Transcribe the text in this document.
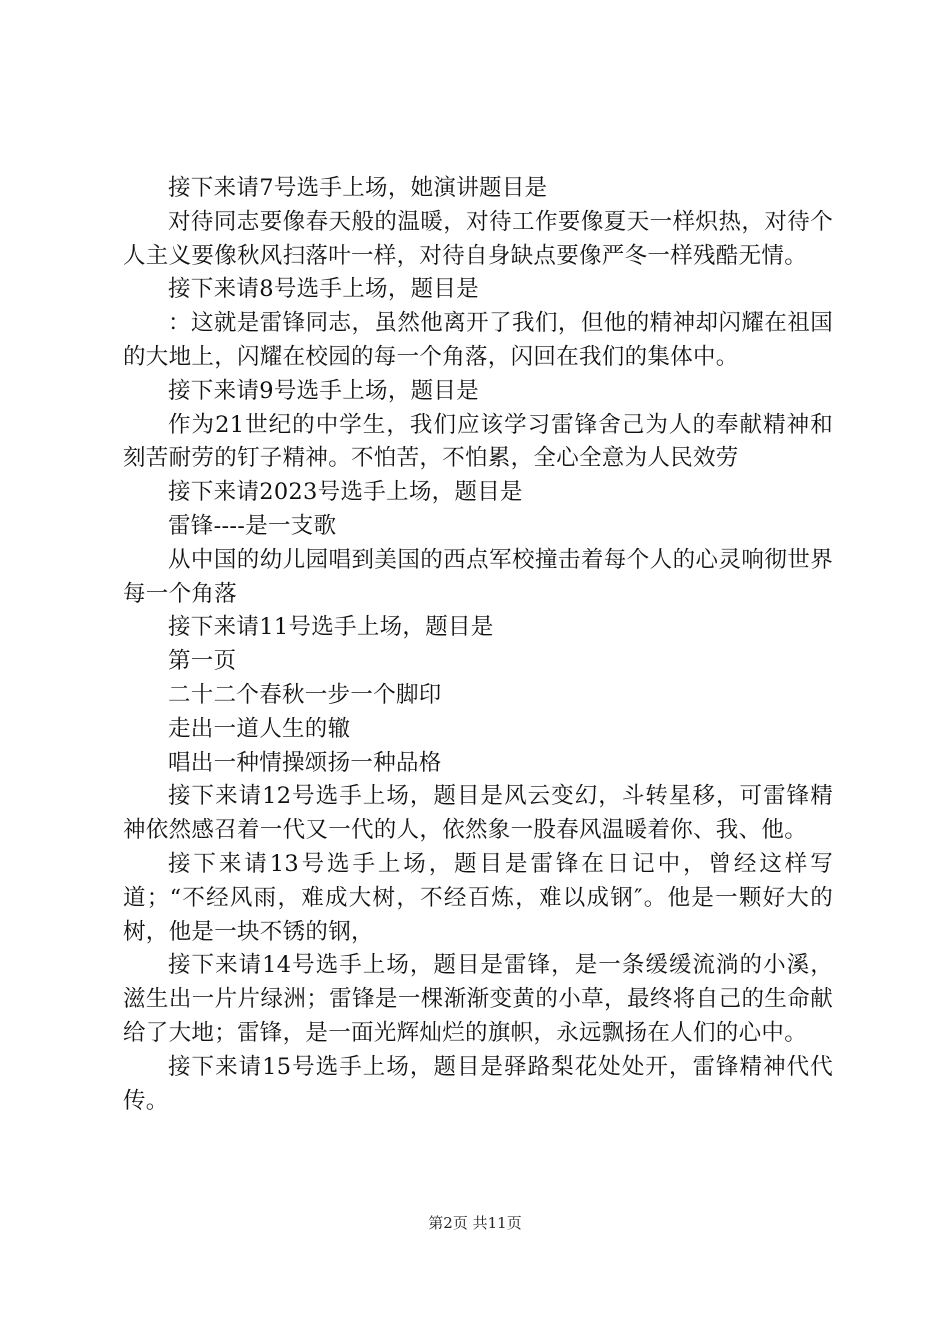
接下来请7号选手上场，她演讲题目是

对待同志要像春天般的温暖，对待工作要像夏天一样炽热，对待个人主义要像秋风扫落叶一样，对待自身缺点要像严冬一样残酷无情。

接下来请8号选手上场，题目是

：这就是雷锋同志，虽然他离开了我们，但他的精神却闪耀在祖国的大地上，闪耀在校园的每一个角落，闪回在我们的集体中。

接下来请9号选手上场，题目是

作为21世纪的中学生，我们应该学习雷锋舍己为人的奉献精神和刻苦耐劳的钉子精神。不怕苦，不怕累，全心全意为人民效劳

接下来请2023号选手上场，题目是

雷锋----是一支歌

从中国的幼儿园唱到美国的西点军校撞击着每个人的心灵响彻世界每一个角落

接下来请11号选手上场，题目是

第一页

二十二个春秋一步一个脚印

走出一道人生的辙

唱出一种情操颂扬一种品格

接下来请12号选手上场，题目是风云变幻，斗转星移，可雷锋精神依然感召着一代又一代的人，依然象一股春风温暖着你、我、他。

接下来请13号选手上场，题目是雷锋在日记中，曾经这样写道；“不经风雨，难成大树，不经百炼，难以成钢″。他是一颗好大的树，他是一块不锈的钢，

接下来请14号选手上场，题目是雷锋，是一条缓缓流淌的小溪，滋生出一片片绿洲；雷锋是一棵渐渐变黄的小草，最终将自己的生命献给了大地；雷锋，是一面光辉灿烂的旗帜，永远飘扬在人们的心中。

接下来请15号选手上场，题目是驿路梨花处处开，雷锋精神代代传。

第2页 共11页
